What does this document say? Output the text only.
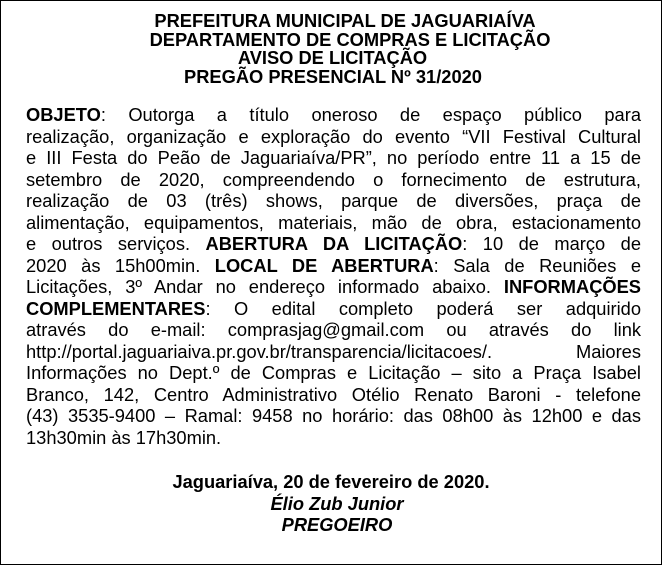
PREFEITURA MUNICIPAL DE JAGUARIAÍVA
DEPARTAMENTO DE COMPRAS E LICITAÇÃO
AVISO DE LICITAÇÃO
PREGÃO PRESENCIAL Nº 31/2020
OBJETO: Outorga a título oneroso de espaço público para
realização, organização e exploração do evento “VII Festival Cultural
e III Festa do Peão de Jaguariaíva/PR”, no período entre 11 a 15 de
setembro de 2020, compreendendo o fornecimento de estrutura,
realização de 03 (três) shows, parque de diversões, praça de
alimentação, equipamentos, materiais, mão de obra, estacionamento
e outros serviços. ABERTURA DA LICITAÇÃO: 10 de março de
2020 às 15h00min. LOCAL DE ABERTURA: Sala de Reuniões e
Licitações, 3º Andar no endereço informado abaixo. INFORMAÇÕES
COMPLEMENTARES: O edital completo poderá ser adquirido
através do e-mail: comprasjag@gmail.com ou através do link
http://portal.jaguariaiva.pr.gov.br/transparencia/licitacoes/.	Maiores
Informações no Dept.º de Compras e Licitação – sito a Praça Isabel
Branco, 142, Centro Administrativo Otélio Renato Baroni - telefone
(43) 3535-9400 – Ramal: 9458 no horário: das 08h00 às 12h00 e das
13h30min às 17h30min.
Jaguariaíva, 20 de fevereiro de 2020.
Élio Zub Junior
PREGOEIRO
